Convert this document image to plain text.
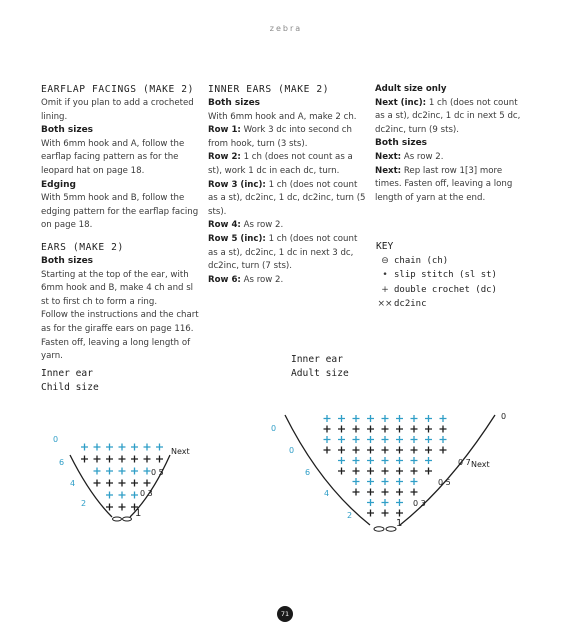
zebra

EARFLAP FACINGS (MAKE 2)

Omit if you plan to add a crocheted lining.

Both sizes

With 6mm hook and A, follow the earflap facing pattern as for the leopard hat on page 18.

Edging

With 5mm hook and B, follow the edging pattern for the earflap facing on page 18.

EARS (MAKE 2)

Both sizes

Starting at the top of the ear, with 6mm hook and B, make 4 ch and sl st to first ch to form a ring.

Follow the instructions and the chart as for the giraffe ears on page 116.

Fasten off, leaving a long length of yarn.

INNER EARS (MAKE 2)

Both sizes

With 6mm hook and A, make 2 ch.

Row 1: Work 3 dc into second ch from hook, turn (3 sts).

Row 2: 1 ch (does not count as a st), work 1 dc in each dc, turn.

Row 3 (inc): 1 ch (does not count as a st), dc2inc, 1 dc, dc2inc, turn (5 sts).

Row 4: As row 2.

Row 5 (inc): 1 ch (does not count as a st), dc2inc, 1 dc in next 3 dc, dc2inc, turn (7 sts).

Row 6: As row 2.

Adult size only

Next (inc): 1 ch (does not count as a st), dc2inc, 1 dc in next 5 dc, dc2inc, turn (9 sts).

Both sizes

Next: As row 2.

Next: Rep last row 1[3] more times. Fasten off, leaving a long length of yarn at the end.

KEY
⊖ chain (ch)
• slip stitch (sl st)
+ double crochet (dc)
×× dc2inc
Inner ear
Child size
Inner ear
Adult size
1
0 3
0 5
2
4
6
0
Next
1
0 3
0 5
0 7
0
2
4
6
0
0
Next
71
